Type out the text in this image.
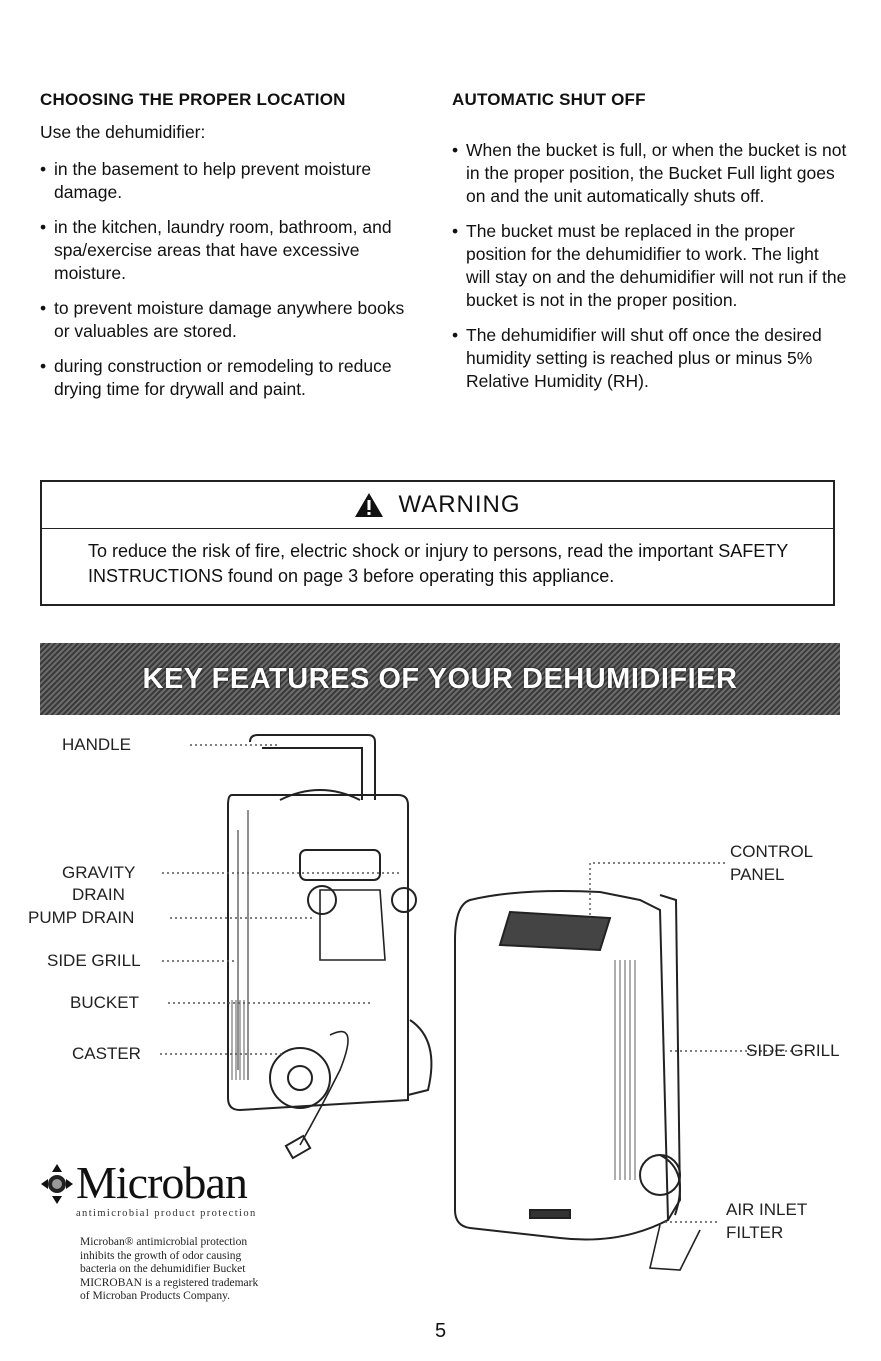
CHOOSING THE PROPER LOCATION
Use the dehumidifier:
• in the basement to help prevent moisture damage.
• in the kitchen, laundry room, bathroom, and spa/exercise areas that have excessive moisture.
• to prevent moisture damage anywhere books or valuables are stored.
• during construction or remodeling to reduce drying time for drywall and paint.
AUTOMATIC SHUT OFF
• When the bucket is full, or when the bucket is not in the proper position, the Bucket Full light goes on and the unit automatically shuts off.
• The bucket must be replaced in the proper position for the dehumidifier to work. The light will stay on and the dehumidifier will not run if the bucket is not in the proper position.
• The dehumidifier will shut off once the desired humidity setting is reached plus or minus 5% Relative Humidity (RH).
WARNING
To reduce the risk of fire, electric shock or injury to persons, read the important SAFETY INSTRUCTIONS found on page 3 before operating this appliance.
KEY FEATURES OF YOUR DEHUMIDIFIER
HANDLE
GRAVITY
DRAIN
PUMP DRAIN
SIDE GRILL
BUCKET
CASTER
CONTROL
PANEL
SIDE GRILL
AIR INLET
FILTER
Microban
antimicrobial product protection
Microban® antimicrobial protection inhibits the growth of odor causing bacteria on the dehumidifier Bucket MICROBAN is a registered trademark of Microban Products Company.
5
